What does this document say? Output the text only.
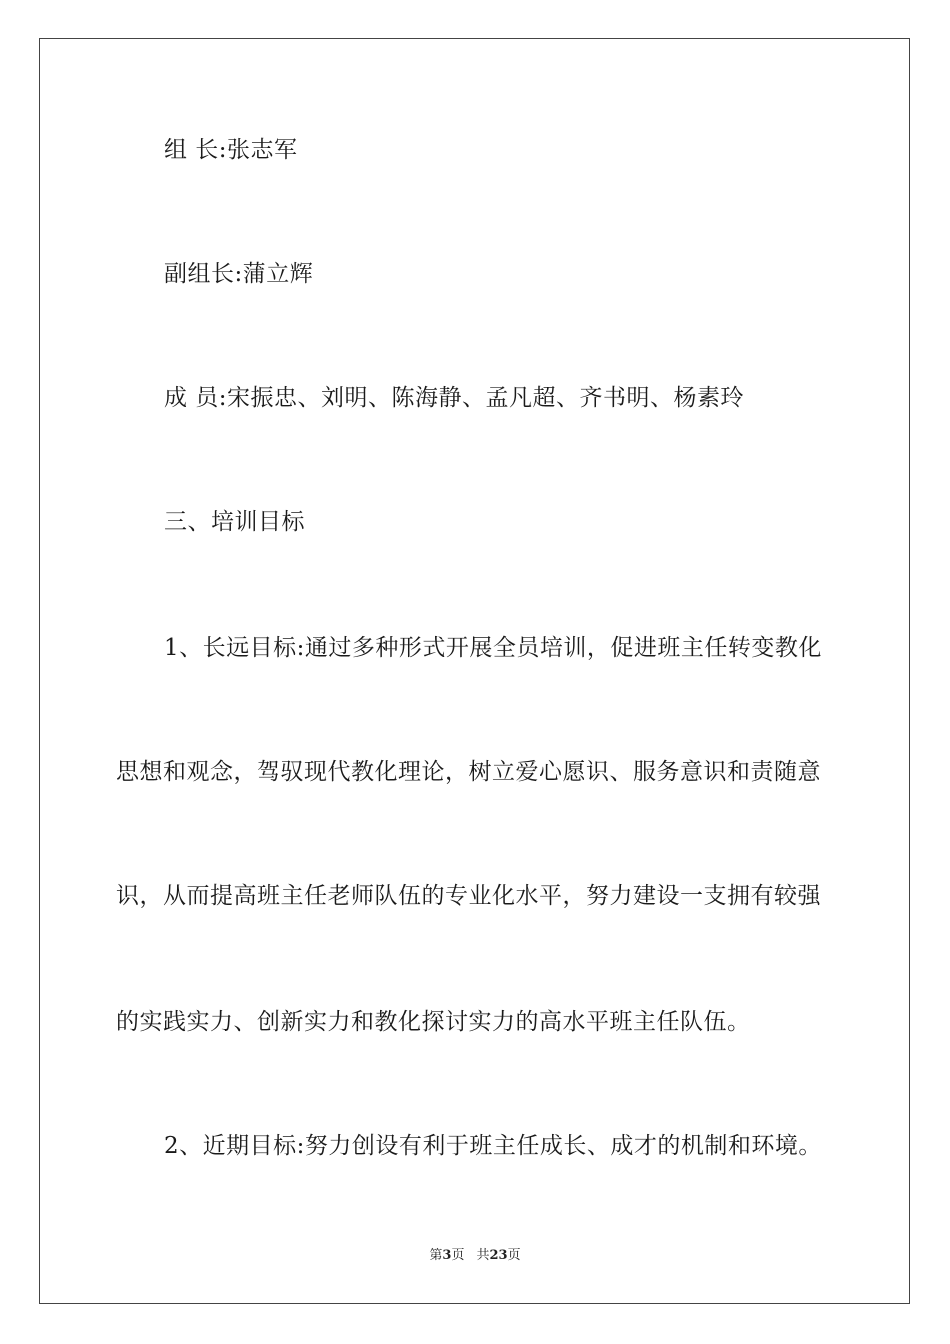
组 长:张志军
副组长:蒲立辉
成 员:宋振忠、刘明、陈海静、孟凡超、齐书明、杨素玲
三、培训目标
1、长远目标:通过多种形式开展全员培训，促进班主任转变教化
思想和观念，驾驭现代教化理论，树立爱心愿识、服务意识和责随意
识，从而提高班主任老师队伍的专业化水平，努力建设一支拥有较强
的实践实力、创新实力和教化探讨实力的高水平班主任队伍。
2、近期目标:努力创设有利于班主任成长、成才的机制和环境。
第3页 共23页
